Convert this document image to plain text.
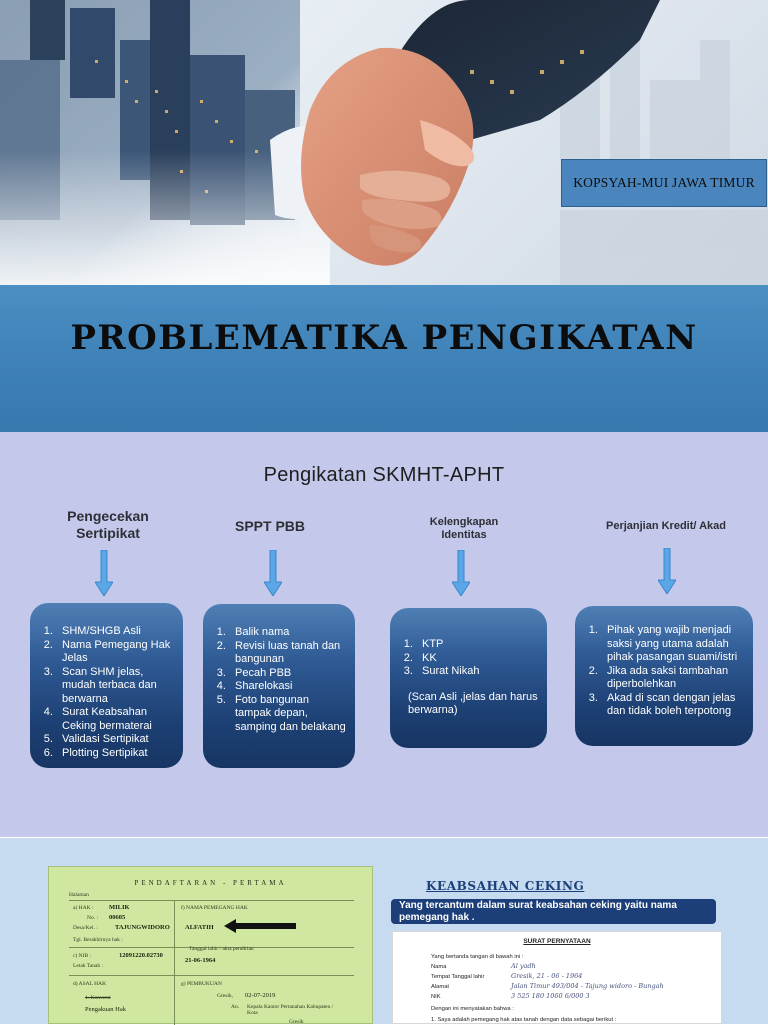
KOPSYAH-MUI JAWA TIMUR
PROBLEMATIKA PENGIKATAN
Pengikatan SKMHT-APHT
Pengecekan Sertipikat	SPPT PBB	Kelengkapan Identitas
Perjanjian Kredit/ Akad
1. SHM/SHGB Asli
2. Nama Pemegang Hak Jelas
3. Scan SHM jelas, mudah terbaca dan berwarna
4. Surat Keabsahan Ceking bermaterai
5. Validasi Sertipikat
6. Plotting Sertipikat
1. Balik nama
2. Revisi luas tanah dan bangunan
3. Pecah PBB
4. Sharelokasi
5. Foto bangunan tampak depan, samping dan belakang
1. KTP
2. KK
3. Surat Nikah
(Scan Asli ,jelas dan harus berwarna)
1. Pihak yang wajib menjadi saksi yang utama adalah pihak pasangan suami/istri
2. Jika ada saksi tambahan diperbolehkan
3. Akad di scan dengan jelas dan tidak boleh terpotong
PENDAFTARAN - PERTAMA
Halaman
a) HAK : MILIK
No. : 00605
Desa/Kel. :	TAJUNGWIDORO
Tgl. Berakhirnya hak :
c) NIB :	12091220.02730
Letak Tanah :
f) NAMA PEMEGANG HAK
ALFATIH
Tanggal lahir / akta pendirian
21-06-1964
d) ASAL HAK
1. Konversi
Pengakuan Hak
g) PEMBUKUAN
Gresik, 02-07-2019
An. Kepala Kantor Pertanahan Kabupaten / Kota
Gresik
KEABSAHAN CEKING
Yang tercantum dalam surat keabsahan ceking yaitu nama pemegang hak .
SURAT PERNYATAAN
Yang bertanda tangan di bawah ini :
Nama	Al yadh
Tempat Tanggal lahir	Gresik, 21 - 06 - 1964
Alamat	Jalan Timur 493/004 - Tajung widoro - Bungah
NIK	3 525 180 1060 6/000 3
Dengan ini menyatakan bahwa :
1. Saya adalah pemegang hak atas tanah dengan data sebagai berikut :
